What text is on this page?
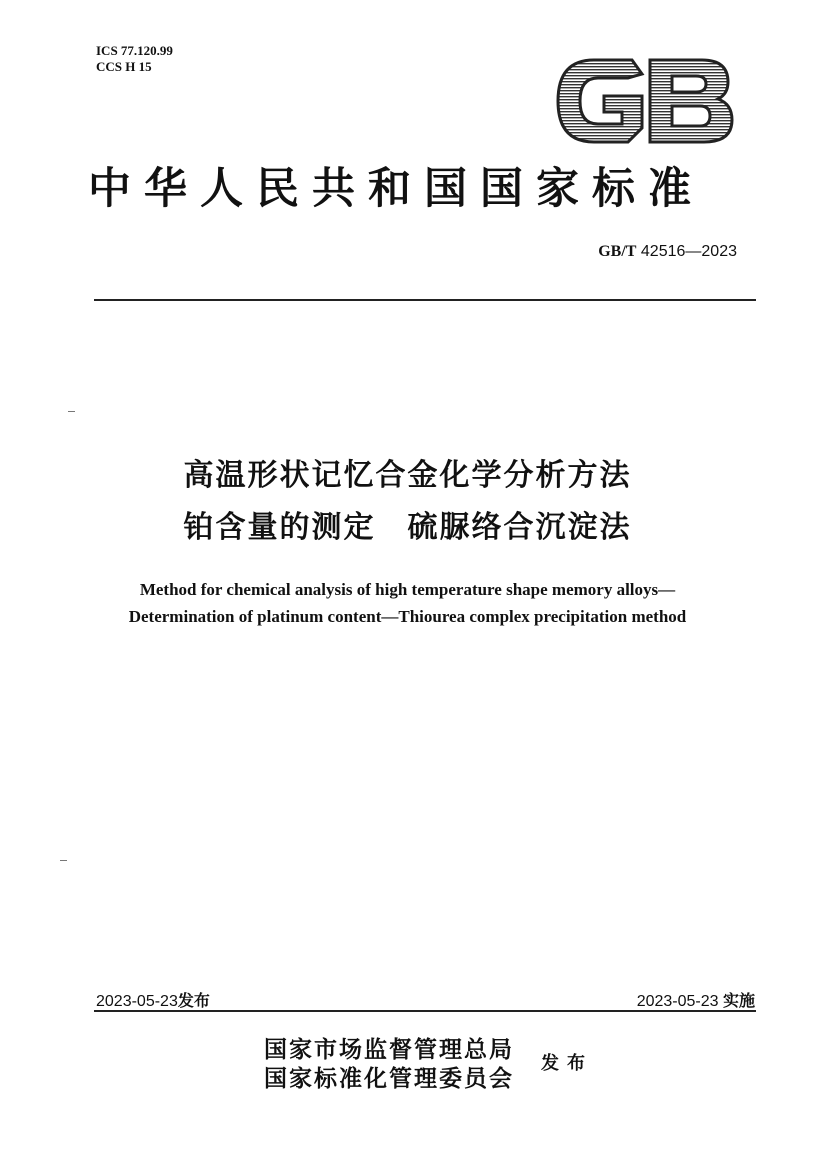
ICS 77.120.99
CCS H 15
中华人民共和国国家标准
GB/T 42516—2023
高温形状记忆合金化学分析方法
铂含量的测定　硫脲络合沉淀法
Method for chemical analysis of high temperature shape memory alloys—
Determination of platinum content—Thiourea complex precipitation method
2023-05-23发布	2023-05-23 实施
国家市场监督管理总局
国家标准化管理委员会
发布
